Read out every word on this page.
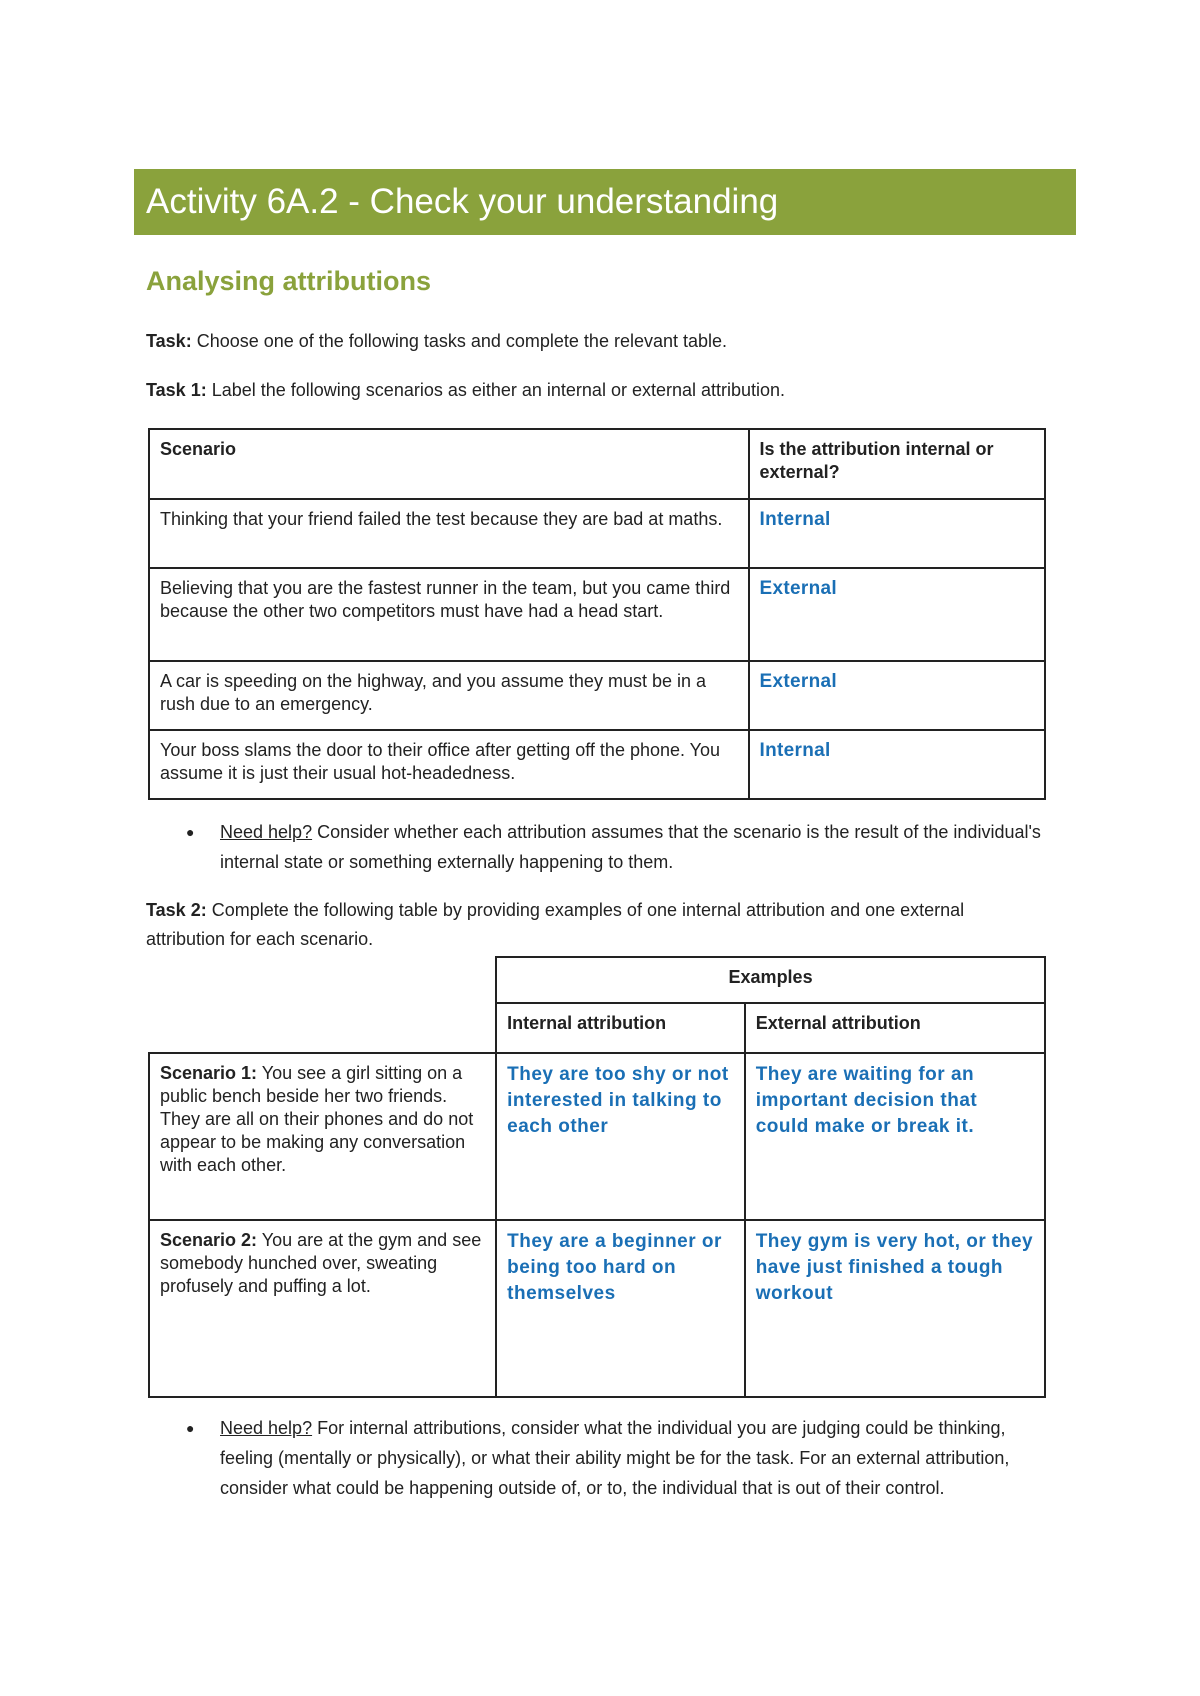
Activity 6A.2 - Check your understanding
Analysing attributions

Task: Choose one of the following tasks and complete the relevant table.

Task 1: Label the following scenarios as either an internal or external attribution.

Scenario	Is the attribution internal or external?
Thinking that your friend failed the test because they are bad at maths.	Internal
Believing that you are the fastest runner in the team, but you came third because the other two competitors must have had a head start.	External
A car is speeding on the highway, and you assume they must be in a rush due to an emergency.	External
Your boss slams the door to their office after getting off the phone. You assume it is just their usual hot-headedness.	Internal
●	Need help? Consider whether each attribution assumes that the scenario is the result of the individual's internal state or something externally happening to them.

Task 2: Complete the following table by providing examples of one internal attribution and one external attribution for each scenario.

	Examples	
	Internal attribution	External attribution
Scenario 1: You see a girl sitting on a public bench beside her two friends. They are all on their phones and do not appear to be making any conversation with each other.	They are too shy or not interested in talking to each other	They are waiting for an important decision that could make or break it.
Scenario 2: You are at the gym and see somebody hunched over, sweating profusely and puffing a lot.	They are a beginner or being too hard on themselves	They gym is very hot, or they have just finished a tough workout
●	Need help? For internal attributions, consider what the individual you are judging could be thinking, feeling (mentally or physically), or what their ability might be for the task. For an external attribution, consider what could be happening outside of, or to, the individual that is out of their control.
